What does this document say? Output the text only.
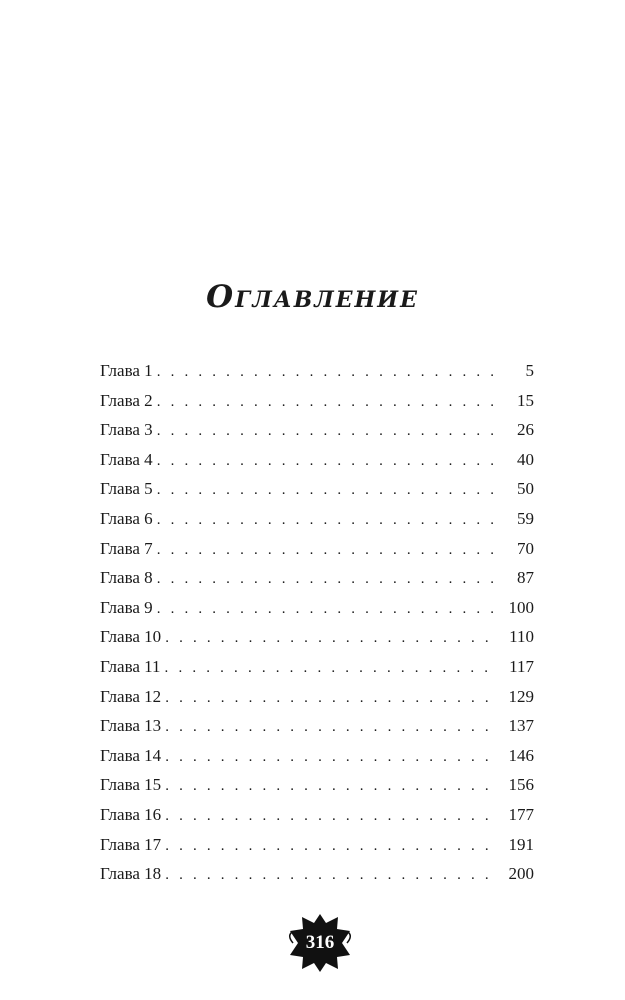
Оглавление
Глава 1 . . .	5
Глава 2 . . .	15
Глава 3 . . .	26
Глава 4 . . .	40
Глава 5 . . .	50
Глава 6 . . .	59
Глава 7 . . .	70
Глава 8 . . .	87
Глава 9 . . .	100
Глава 10 . . .	110
Глава 11 . . .	117
Глава 12 . . .	129
Глава 13 . . .	137
Глава 14 . . .	146
Глава 15 . . .	156
Глава 16 . . .	177
Глава 17 . . .	191
Глава 18 . . .	200
316
